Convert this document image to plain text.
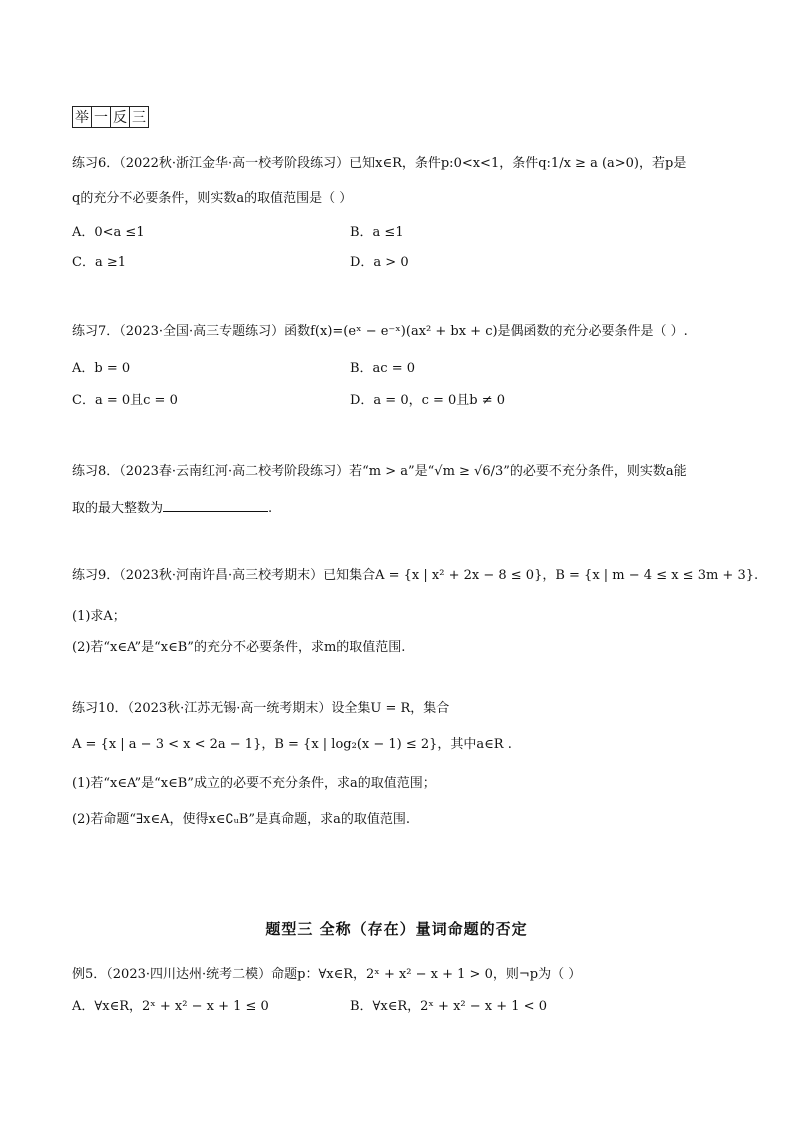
举 一 反 三
练习6．（2022秋·浙江金华·高一校考阶段练习）已知x∈R，条件p:0<x<1，条件q:1/x ≥ a (a>0)，若p是
q的充分不必要条件，则实数a的取值范围是（ ）
A．0<a ≤1	B．a ≤1
C．a ≥1	D．a > 0
练习7．（2023·全国·高三专题练习）函数f(x)=(eˣ − e⁻ˣ)(ax² + bx + c)是偶函数的充分必要条件是（ ）.
A．b = 0	B．ac = 0
C．a = 0且c = 0	D．a = 0，c = 0且b ≠ 0
练习8．（2023春·云南红河·高二校考阶段练习）若“m > a”是“√m ≥ √6/3”的必要不充分条件，则实数a能
取的最大整数为	.
练习9．（2023秋·河南许昌·高三校考期末）已知集合A = {x | x² + 2x − 8 ≤ 0}，B = {x | m − 4 ≤ x ≤ 3m + 3}.
(1)求A；
(2)若“x∈A”是“x∈B”的充分不必要条件，求m的取值范围.
练习10．（2023秋·江苏无锡·高一统考期末）设全集U = R，集合
A = {x | a − 3 < x < 2a − 1}，B = {x | log₂(x − 1) ≤ 2}，其中a∈R .
(1)若“x∈A”是“x∈B”成立的必要不充分条件，求a的取值范围；
(2)若命题“∃x∈A，使得x∈∁ᵤB”是真命题，求a的取值范围.
题型三 全称（存在）量词命题的否定
例5．（2023·四川达州·统考二模）命题p：∀x∈R，2ˣ + x² − x + 1 > 0，则¬p为（ ）
A．∀x∈R，2ˣ + x² − x + 1 ≤ 0	B．∀x∈R，2ˣ + x² − x + 1 < 0
